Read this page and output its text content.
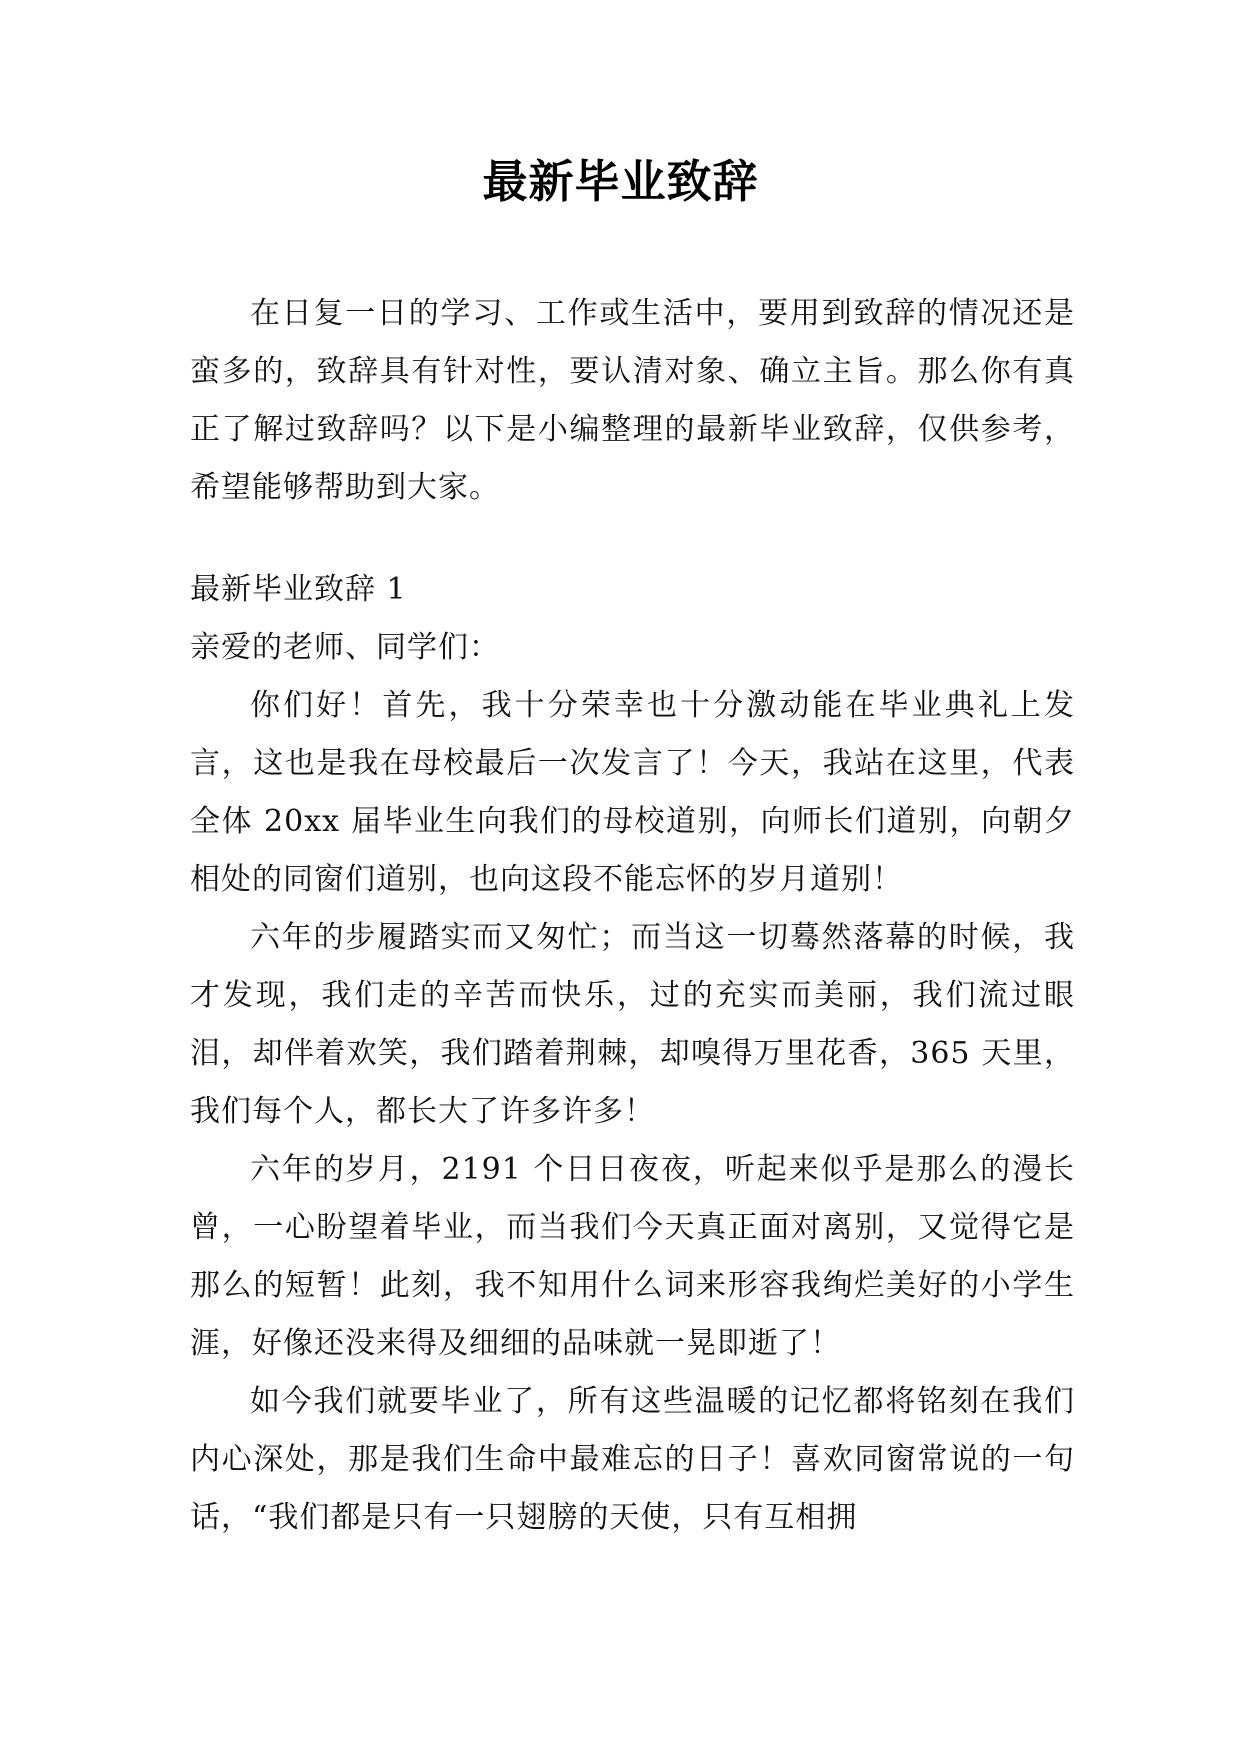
最新毕业致辞

在日复一日的学习、工作或生活中，要用到致辞的情况还是蛮多的，致辞具有针对性，要认清对象、确立主旨。那么你有真正了解过致辞吗？以下是小编整理的最新毕业致辞，仅供参考，希望能够帮助到大家。

最新毕业致辞 1

亲爱的老师、同学们：

你们好！首先，我十分荣幸也十分激动能在毕业典礼上发言，这也是我在母校最后一次发言了！今天，我站在这里，代表全体 20xx 届毕业生向我们的母校道别，向师长们道别，向朝夕相处的同窗们道别，也向这段不能忘怀的岁月道别！

六年的步履踏实而又匆忙；而当这一切蓦然落幕的时候，我才发现，我们走的辛苦而快乐，过的充实而美丽，我们流过眼泪，却伴着欢笑，我们踏着荆棘，却嗅得万里花香，365 天里，我们每个人，都长大了许多许多！

六年的岁月，2191 个日日夜夜，听起来似乎是那么的漫长曾，一心盼望着毕业，而当我们今天真正面对离别，又觉得它是那么的短暂！此刻，我不知用什么词来形容我绚烂美好的小学生涯，好像还没来得及细细的品味就一晃即逝了！

如今我们就要毕业了，所有这些温暖的记忆都将铭刻在我们内心深处，那是我们生命中最难忘的日子！喜欢同窗常说的一句话，“我们都是只有一只翅膀的天使，只有互相拥
